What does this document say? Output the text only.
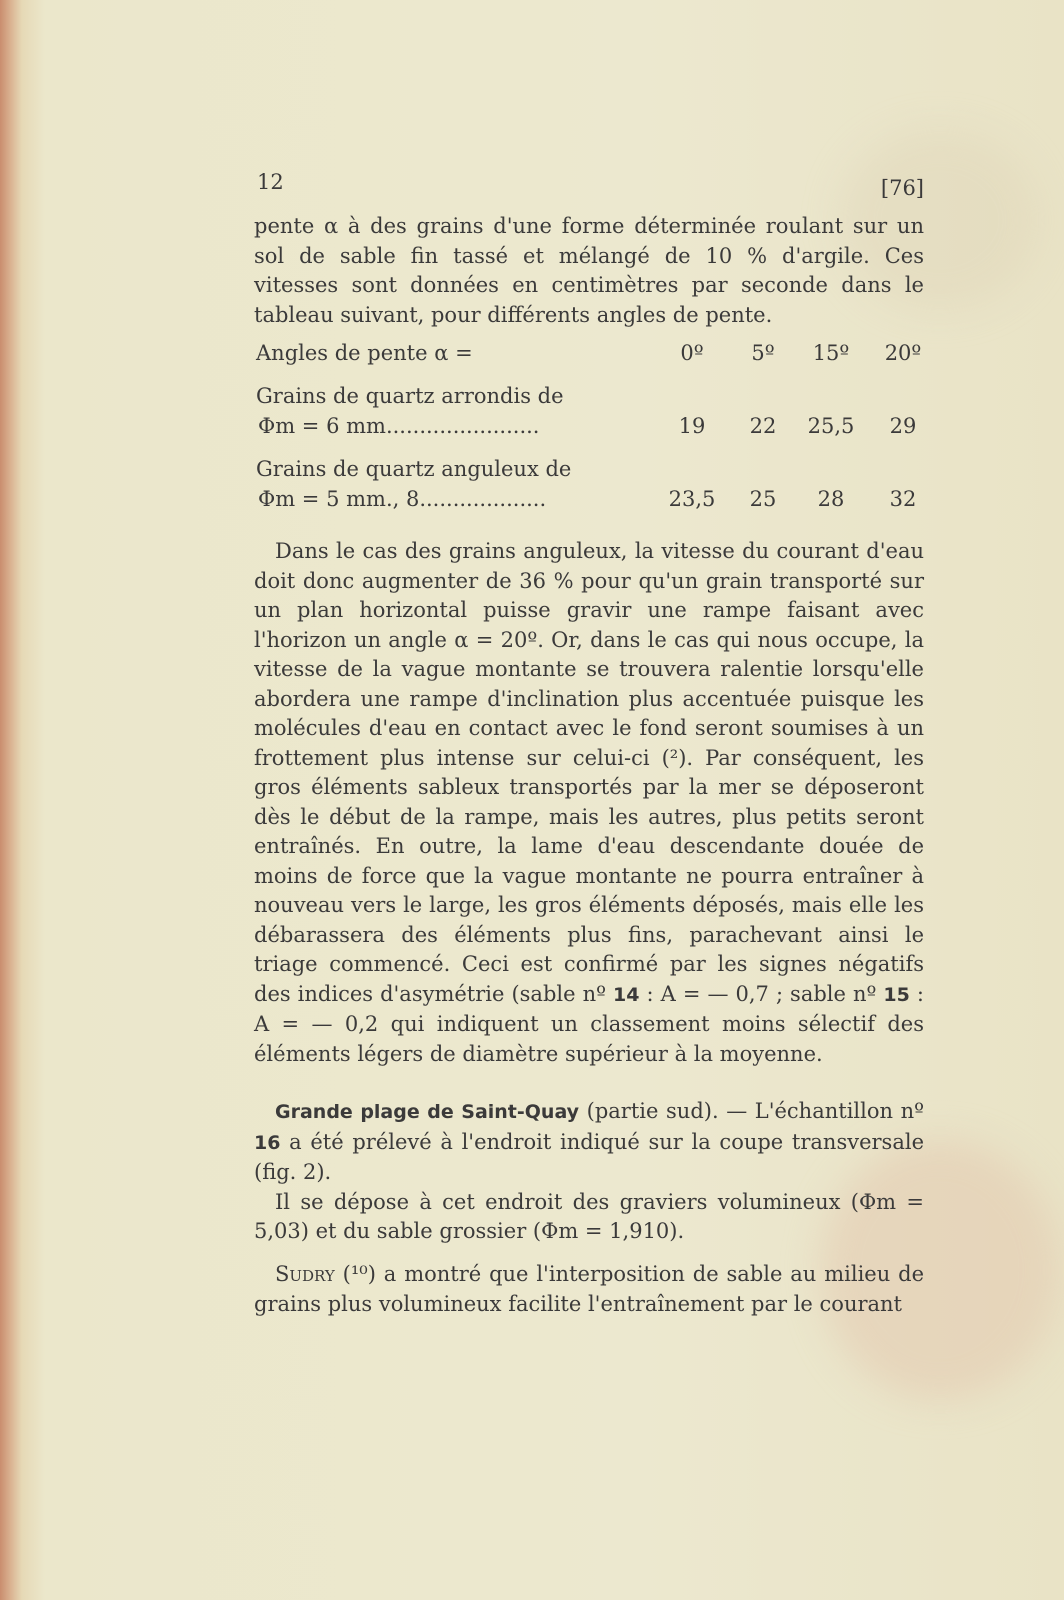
12	[76]

pente α à des grains d'une forme déterminée roulant sur un sol de sable fin tassé et mélangé de 10 % d'argile. Ces vitesses sont données en centimètres par seconde dans le tableau suivant, pour différents angles de pente.

Angles de pente α =	0º	5º	15º	20º
Grains de quartz arrondis de
Φm = 6 mm.......................	19	22	25,5	29
Grains de quartz anguleux de
Φm = 5 mm., 8...................	23,5	25	28	32

Dans le cas des grains anguleux, la vitesse du courant d'eau doit donc augmenter de 36 % pour qu'un grain transporté sur un plan horizontal puisse gravir une rampe faisant avec l'horizon un angle α = 20º. Or, dans le cas qui nous occupe, la vitesse de la vague montante se trouvera ralentie lorsqu'elle abordera une rampe d'inclination plus accentuée puisque les molécules d'eau en contact avec le fond seront soumises à un frottement plus intense sur celui-ci (²). Par conséquent, les gros éléments sableux transportés par la mer se déposeront dès le début de la rampe, mais les autres, plus petits seront entraînés. En outre, la lame d'eau descendante douée de moins de force que la vague montante ne pourra entraîner à nouveau vers le large, les gros éléments déposés, mais elle les débarassera des éléments plus fins, parachevant ainsi le triage commencé. Ceci est confirmé par les signes négatifs des indices d'asymétrie (sable nº 14 : A = — 0,7 ; sable nº 15 : A = — 0,2 qui indiquent un classement moins sélectif des éléments légers de diamètre supérieur à la moyenne.

Grande plage de Saint-Quay (partie sud). — L'échantillon nº 16 a été prélevé à l'endroit indiqué sur la coupe transversale (fig. 2).

Il se dépose à cet endroit des graviers volumineux (Φm = 5,03) et du sable grossier (Φm = 1,910).

Sudry (¹⁰) a montré que l'interposition de sable au milieu de grains plus volumineux facilite l'entraînement par le courant
